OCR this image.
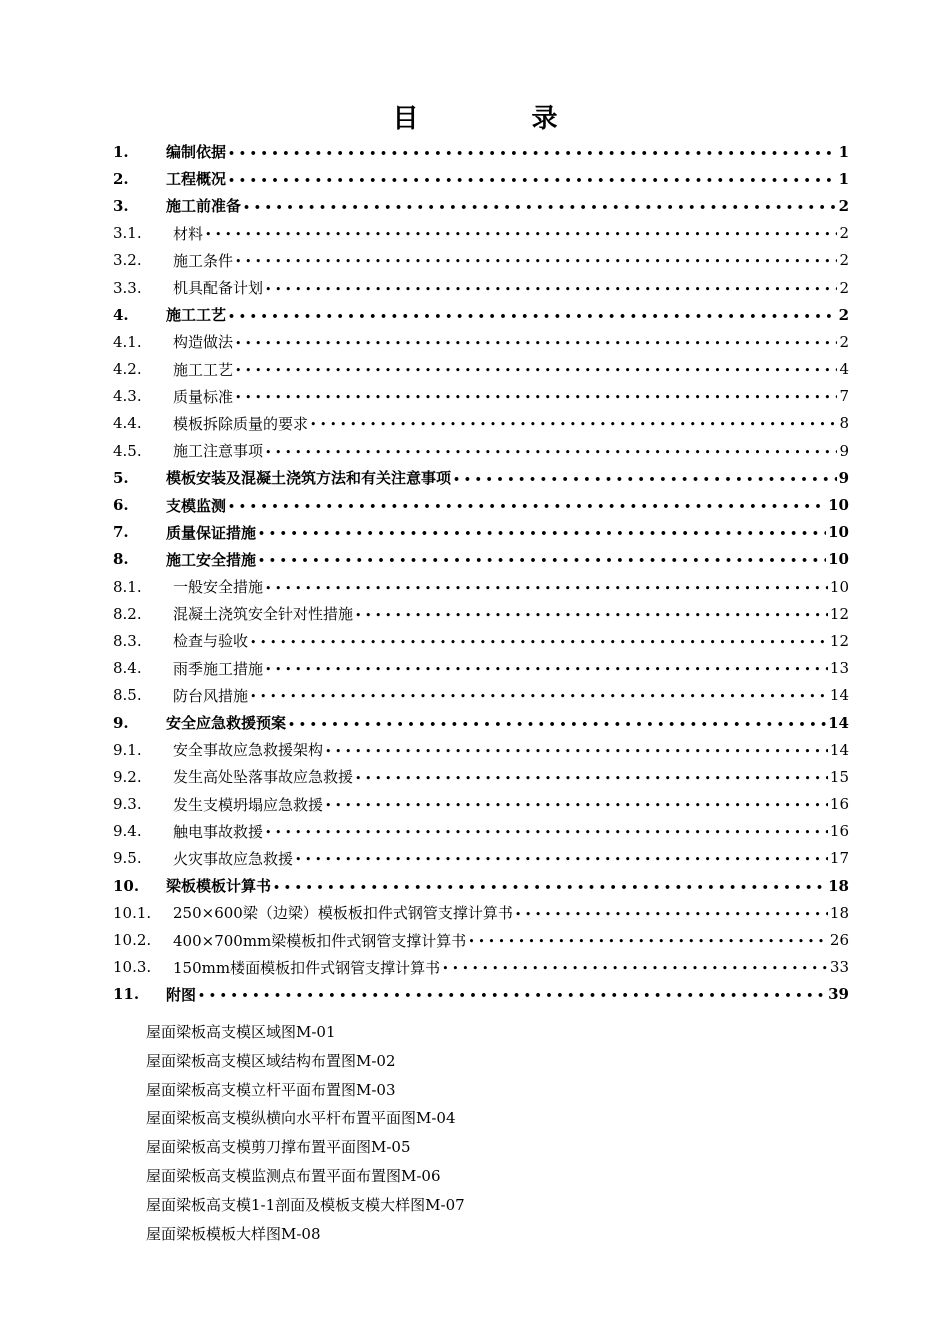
目 录
1.	编制依据 • • •	1
2.	工程概况 • • •	1
3.	施工前准备 • • •	2
3.1.	材料 • • •	2
3.2.	施工条件 • • •	2
3.3.	机具配备计划 • • •	2
4.	施工工艺 • • •	2
4.1.	构造做法 • • •	2
4.2.	施工工艺 • • •	4
4.3.	质量标准 • • •	7
4.4.	模板拆除质量的要求 • • •	8
4.5.	施工注意事项 • • •	9
5.	模板安装及混凝土浇筑方法和有关注意事项 • • •	9
6.	支模监测 • • •	10
7.	质量保证措施 • • •	10
8.	施工安全措施 • • •	10
8.1.	一般安全措施 • • •	10
8.2.	混凝土浇筑安全针对性措施 • • •	12
8.3.	检查与验收 • • •	12
8.4.	雨季施工措施 • • •	13
8.5.	防台风措施 • • •	14
9.	安全应急救援预案 • • •	14
9.1.	安全事故应急救援架构 • • •	14
9.2.	发生高处坠落事故应急救援 • • •	15
9.3.	发生支模坍塌应急救援 • • •	16
9.4.	触电事故救援 • • •	16
9.5.	火灾事故应急救援 • • •	17
10.	梁板模板计算书 • • •	18
10.1.	250×600梁（边梁）模板板扣件式钢管支撑计算书 • • •	18
10.2.	400×700mm梁模板扣件式钢管支撑计算书 • • •	26
10.3.	150mm楼面模板扣件式钢管支撑计算书 • • •	33
11.	附图 • • •	39
屋面梁板高支模区域图M-01
屋面梁板高支模区域结构布置图M-02
屋面梁板高支模立杆平面布置图M-03
屋面梁板高支模纵横向水平杆布置平面图M-04
屋面梁板高支模剪刀撑布置平面图M-05
屋面梁板高支模监测点布置平面布置图M-06
屋面梁板高支模1-1剖面及模板支模大样图M-07
屋面梁板模板大样图M-08
